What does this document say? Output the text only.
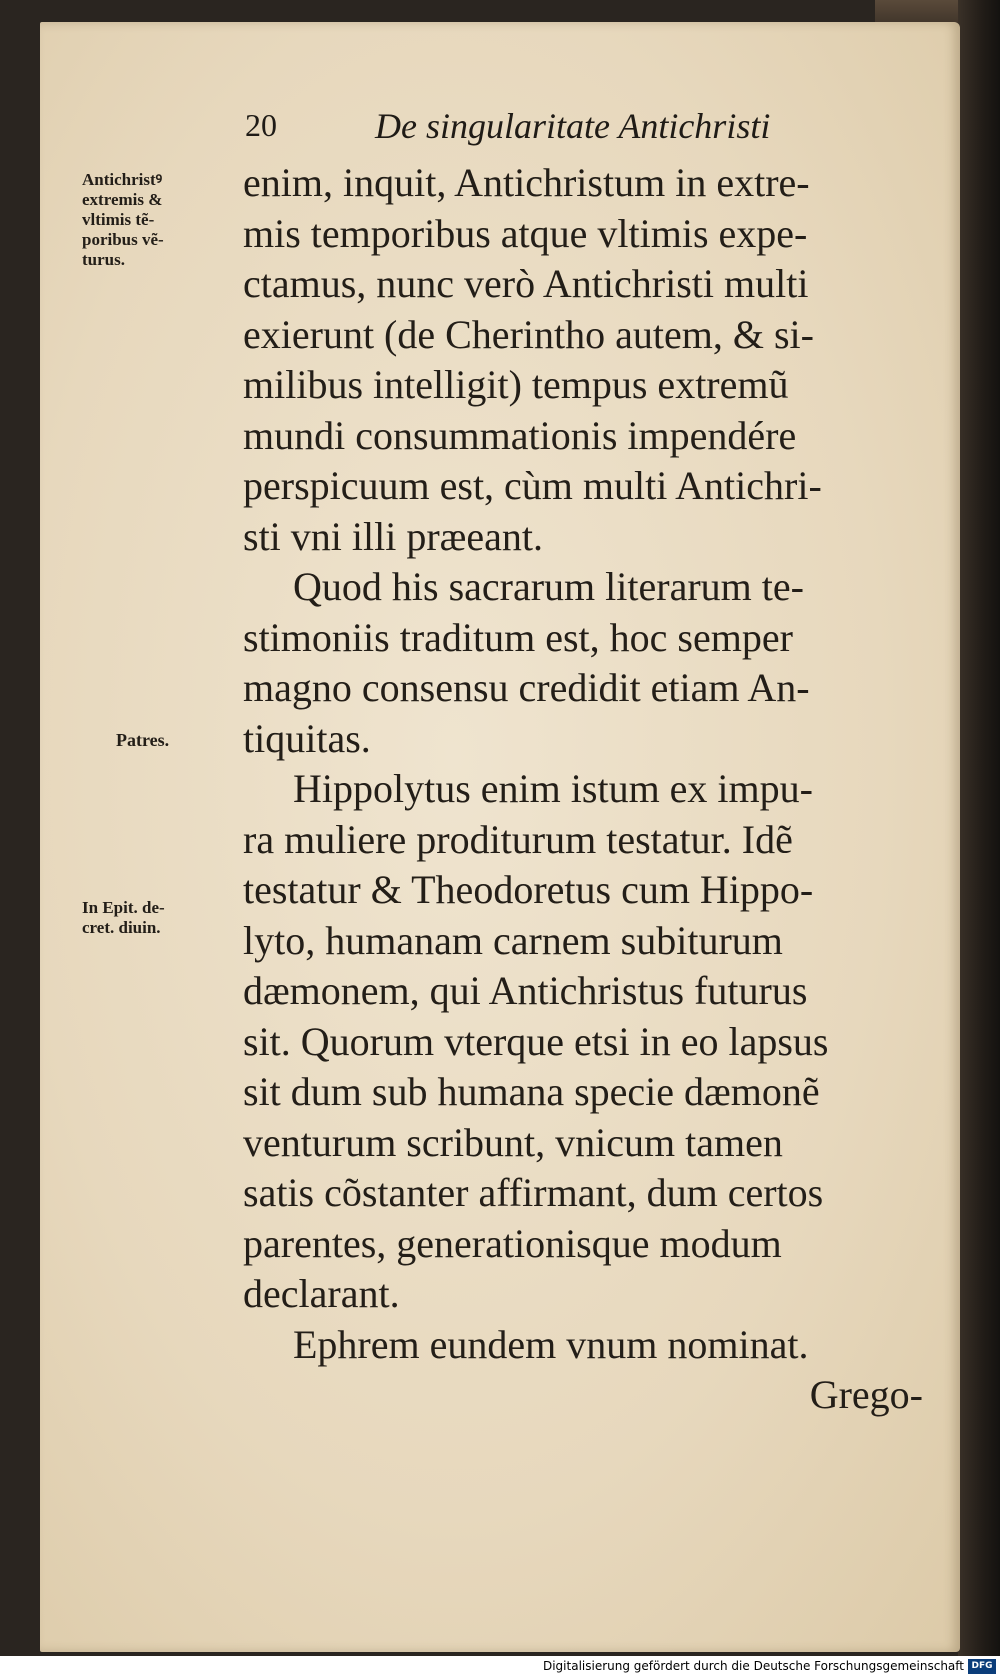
20	De singularitate Antichristi
Antichristꝰ
extremis &
vltimis tẽ-
poribus vẽ-
turus.
Patres.
In Epit. de-
cret. diuin.
enim, inquit, Antichristum in extre-
mis temporibus atque vltimis expe-
ctamus, nunc verò Antichristi multi
exierunt (de Cherintho autem, & si-
milibus intelligit) tempus extremũ
mundi consummationis impendére
perspicuum est, cùm multi Antichri-
sti vni illi præeant.
Quod his sacrarum literarum te-
stimoniis traditum est, hoc semper
magno consensu credidit etiam An-
tiquitas.
Hippolytus enim istum ex impu-
ra muliere proditurum testatur. Idẽ
testatur & Theodoretus cum Hippo-
lyto, humanam carnem subiturum
dæmonem, qui Antichristus futurus
sit. Quorum vterque etsi in eo lapsus
sit dum sub humana specie dæmonẽ
venturum scribunt, vnicum tamen
satis cõstanter affirmant, dum certos
parentes, generationisque modum
declarant.
Ephrem eundem vnum nominat.
Grego-
Digitalisierung gefördert durch die Deutsche Forschungsgemeinschaft DFG
